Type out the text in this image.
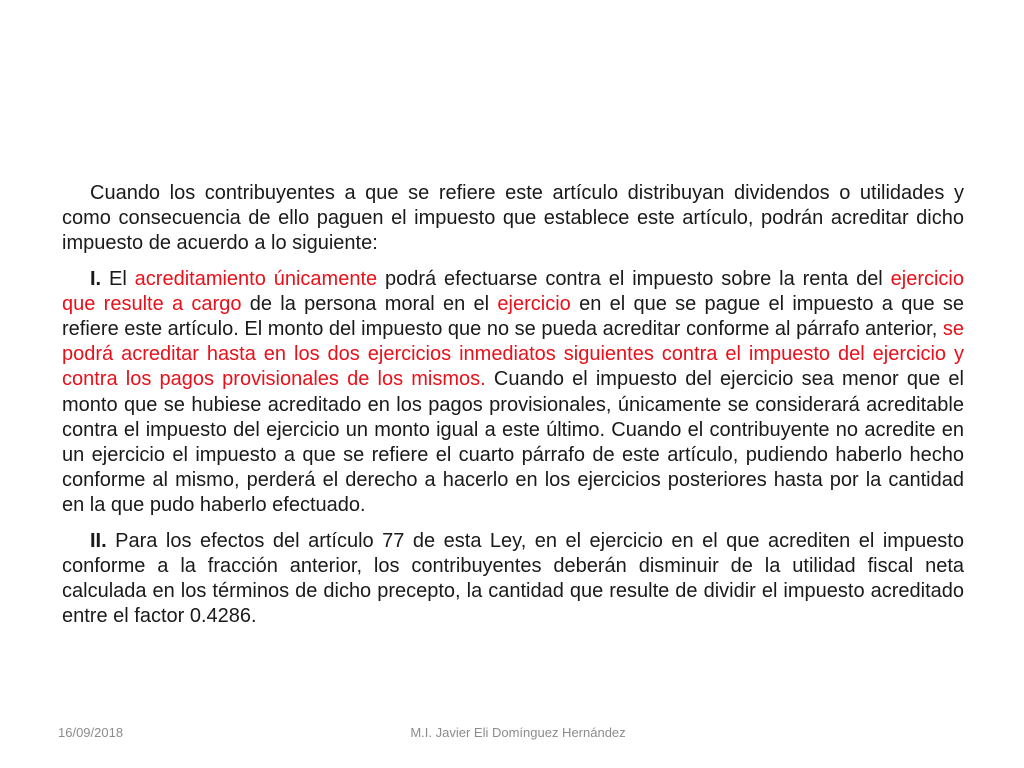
Cuando los contribuyentes a que se refiere este artículo distribuyan dividendos o utilidades y como consecuencia de ello paguen el impuesto que establece este artículo, podrán acreditar dicho impuesto de acuerdo a lo siguiente:

I. El acreditamiento únicamente podrá efectuarse contra el impuesto sobre la renta del ejercicio que resulte a cargo de la persona moral en el ejercicio en el que se pague el impuesto a que se refiere este artículo. El monto del impuesto que no se pueda acreditar conforme al párrafo anterior, se podrá acreditar hasta en los dos ejercicios inmediatos siguientes contra el impuesto del ejercicio y contra los pagos provisionales de los mismos. Cuando el impuesto del ejercicio sea menor que el monto que se hubiese acreditado en los pagos provisionales, únicamente se considerará acreditable contra el impuesto del ejercicio un monto igual a este último. Cuando el contribuyente no acredite en un ejercicio el impuesto a que se refiere el cuarto párrafo de este artículo, pudiendo haberlo hecho conforme al mismo, perderá el derecho a hacerlo en los ejercicios posteriores hasta por la cantidad en la que pudo haberlo efectuado.

II. Para los efectos del artículo 77 de esta Ley, en el ejercicio en el que acrediten el impuesto conforme a la fracción anterior, los contribuyentes deberán disminuir de la utilidad fiscal neta calculada en los términos de dicho precepto, la cantidad que resulte de dividir el impuesto acreditado entre el factor 0.4286.

16/09/2018	M.I. Javier Eli Domínguez Hernández
